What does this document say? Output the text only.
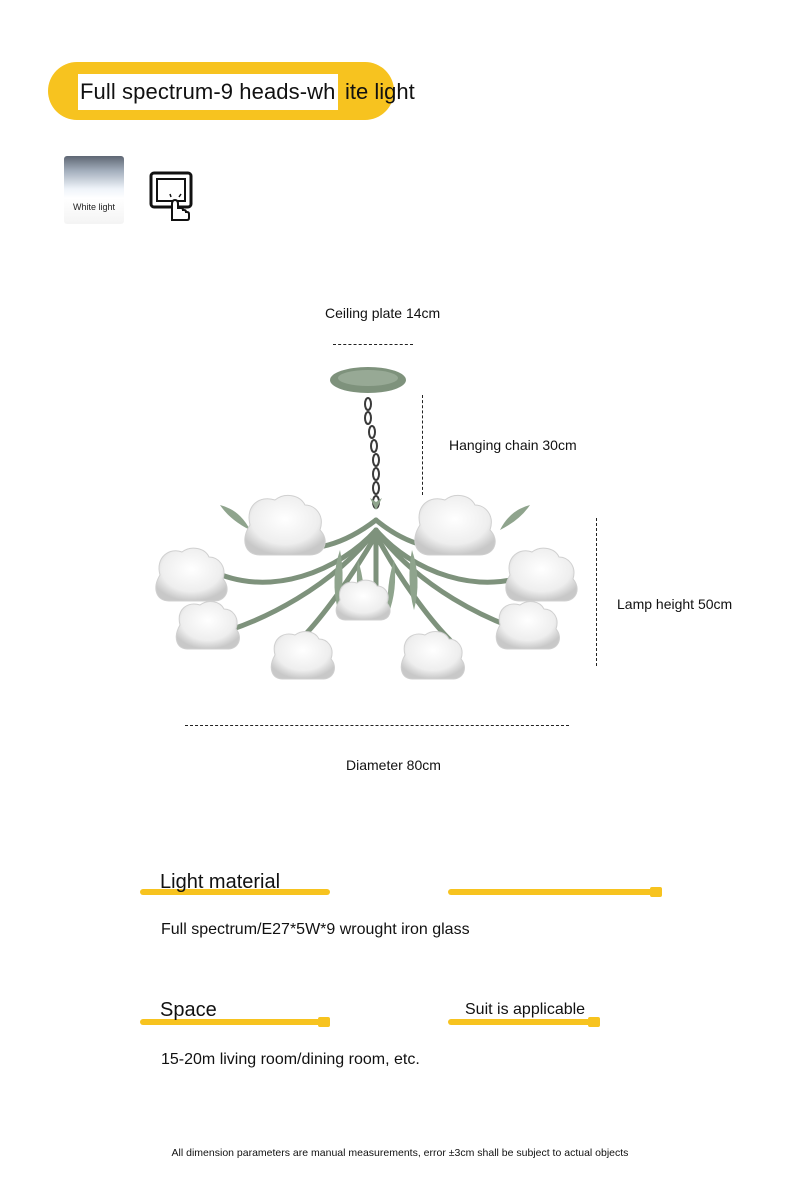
Full spectrum-9 heads-wh ite light
White light
Ceiling plate 14cm
Hanging chain 30cm
Lamp height 50cm
Diameter 80cm
Light material
Full spectrum/E27*5W*9 wrought iron glass
Space
15-20m living room/dining room, etc.
Suit is applicable
All dimension parameters are manual measurements, error ±3cm shall be subject to actual objects
